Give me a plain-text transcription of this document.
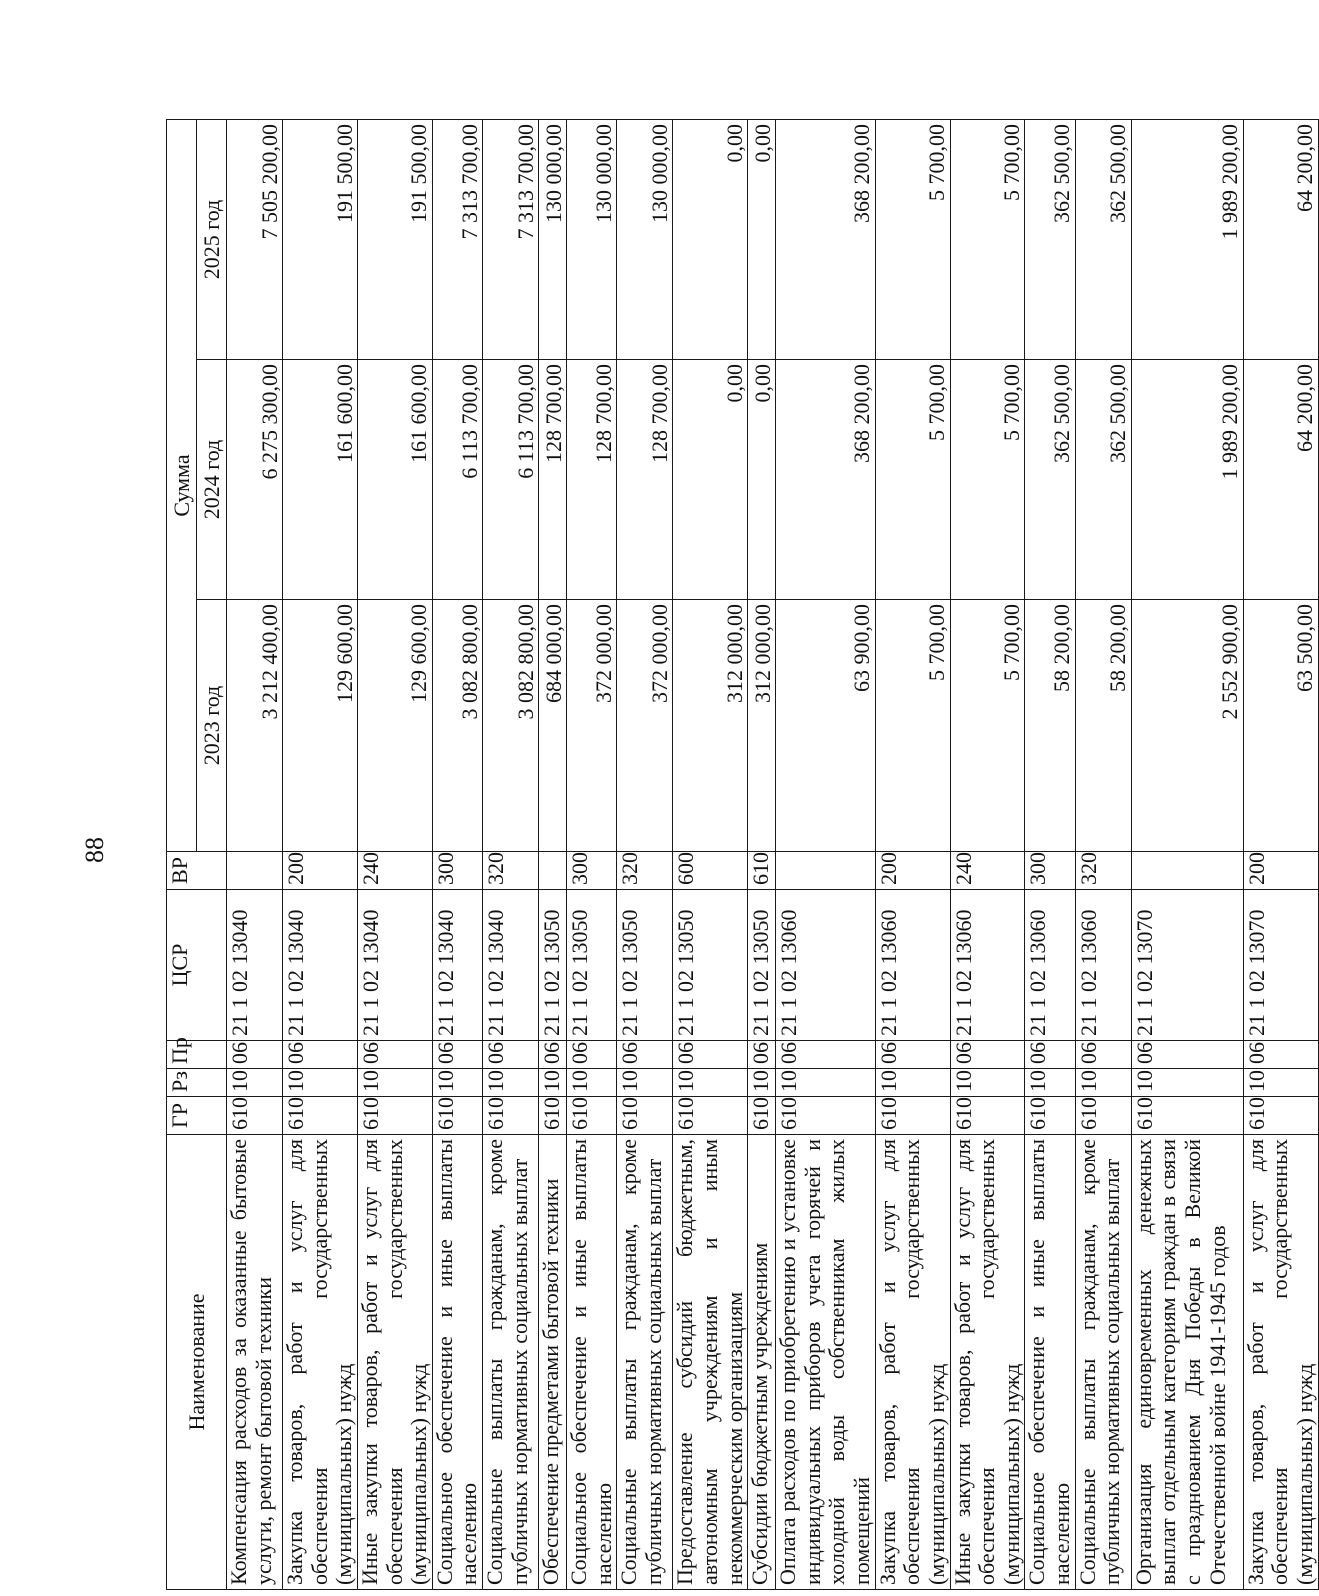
88
Наименование	ГР	Рз	Пр	ЦСР	ВР	Сумма		
						2023 год	2024 год	2025 год
Компенсация расходов за оказанные бытовые услуги, ремонт бытовой техники	610	10	06	21 1 02 13040		3 212 400,00	6 275 300,00	7 505 200,00
Закупка товаров, работ и услуг для обеспечения государственных (муниципальных) нужд	610	10	06	21 1 02 13040	200	129 600,00	161 600,00	191 500,00
Иные закупки товаров, работ и услуг для обеспечения государственных (муниципальных) нужд	610	10	06	21 1 02 13040	240	129 600,00	161 600,00	191 500,00
Социальное обеспечение и иные выплаты населению	610	10	06	21 1 02 13040	300	3 082 800,00	6 113 700,00	7 313 700,00
Социальные выплаты гражданам, кроме публичных нормативных социальных выплат	610	10	06	21 1 02 13040	320	3 082 800,00	6 113 700,00	7 313 700,00
Обеспечение предметами бытовой техники	610	10	06	21 1 02 13050		684 000,00	128 700,00	130 000,00
Социальное обеспечение и иные выплаты населению	610	10	06	21 1 02 13050	300	372 000,00	128 700,00	130 000,00
Социальные выплаты гражданам, кроме публичных нормативных социальных выплат	610	10	06	21 1 02 13050	320	372 000,00	128 700,00	130 000,00
Предоставление субсидий бюджетным, автономным учреждениям и иным некоммерческим организациям	610	10	06	21 1 02 13050	600	312 000,00	0,00	0,00
Субсидии бюджетным учреждениям	610	10	06	21 1 02 13050	610	312 000,00	0,00	0,00
Оплата расходов по приобретению и установке индивидуальных приборов учета горячей и холодной воды собственникам жилых помещений	610	10	06	21 1 02 13060		63 900,00	368 200,00	368 200,00
Закупка товаров, работ и услуг для обеспечения государственных (муниципальных) нужд	610	10	06	21 1 02 13060	200	5 700,00	5 700,00	5 700,00
Иные закупки товаров, работ и услуг для обеспечения государственных (муниципальных) нужд	610	10	06	21 1 02 13060	240	5 700,00	5 700,00	5 700,00
Социальное обеспечение и иные выплаты населению	610	10	06	21 1 02 13060	300	58 200,00	362 500,00	362 500,00
Социальные выплаты гражданам, кроме публичных нормативных социальных выплат	610	10	06	21 1 02 13060	320	58 200,00	362 500,00	362 500,00
Организация единовременных денежных выплат отдельным категориям граждан в связи с празднованием Дня Победы в Великой Отечественной войне 1941-1945 годов	610	10	06	21 1 02 13070		2 552 900,00	1 989 200,00	1 989 200,00
Закупка товаров, работ и услуг для обеспечения государственных (муниципальных) нужд	610	10	06	21 1 02 13070	200	63 500,00	64 200,00	64 200,00
